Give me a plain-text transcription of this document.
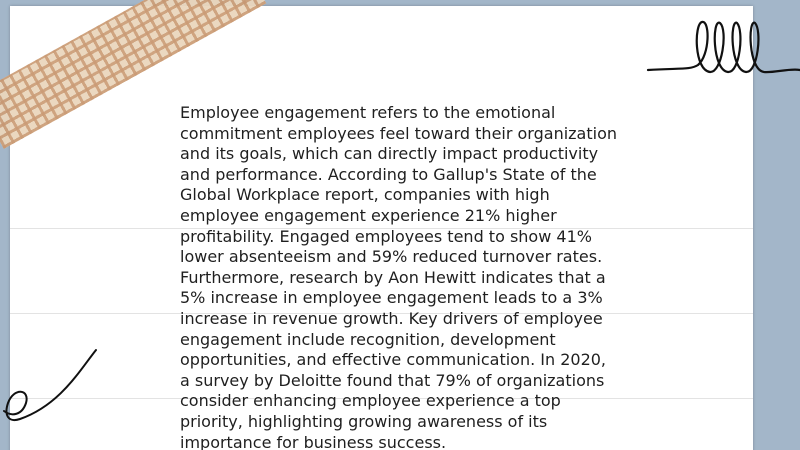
Employee engagement refers to the emotional commitment employees feel toward their organization and its goals, which can directly impact productivity and performance. According to Gallup's State of the Global Workplace report, companies with high employee engagement experience 21% higher profitability. Engaged employees tend to show 41% lower absenteeism and 59% reduced turnover rates. Furthermore, research by Aon Hewitt indicates that a 5% increase in employee engagement leads to a 3% increase in revenue growth. Key drivers of employee engagement include recognition, development opportunities, and effective communication. In 2020, a survey by Deloitte found that 79% of organizations consider enhancing employee experience a top priority, highlighting growing awareness of its importance for business success.
